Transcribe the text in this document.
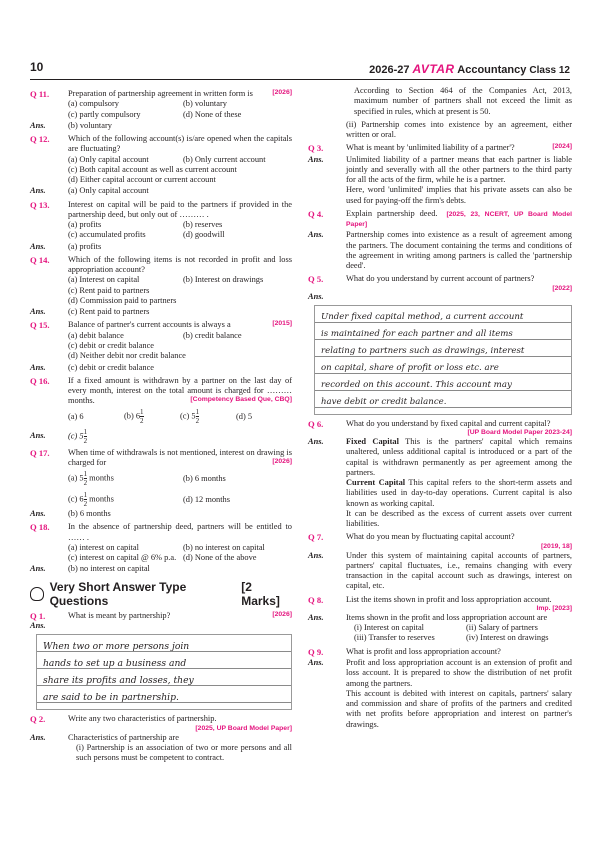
10	2026-27 AVTAR Accountancy Class 12
Q 11.	Preparation of partnership agreement in written form is	[2026]
(a) compulsory	(b) voluntary
(c) partly compulsory	(d) None of these
Ans.	(b) voluntary
Q 12.	Which of the following account(s) is/are opened when the capitals are fluctuating?
(a) Only capital account	(b) Only current account
(c) Both capital account as well as current account
(d) Either capital account or current account
Ans.	(a) Only capital account
Q 13.	Interest on capital will be paid to the partners if provided in the partnership deed, but only out of ……… .
(a) profits	(b) reserves
(c) accumulated profits	(d) goodwill
Ans.	(a) profits
Q 14.	Which of the following items is not recorded in profit and loss appropriation account?
(a) Interest on capital	(b) Interest on drawings
(c) Rent paid to partners
(d) Commission paid to partners
Ans.	(c) Rent paid to partners
Q 15.	Balance of partner's current accounts is always a	[2015]
(a) debit balance	(b) credit balance
(c) debit or credit balance
(d) Neither debit nor credit balance
Ans.	(c) debit or credit balance
Q 16.	If a fixed amount is withdrawn by a partner on the last day of every month, interest on the total amount is charged for ……… months.	[Competency Based Que, CBQ]
(a) 6	(b) $6 \frac{1}{2}$	(c) $5 \frac{1}{2}$	(d) 5
Ans.	(c) $5 \frac{1}{2}$
Q 17.	When time of withdrawals is not mentioned, interest on drawing is charged for	[2026]
(a) $5 \frac{1}{2}$ months	(b) 6 months
(c) $6 \frac{1}{2}$ months	(d) 12 months
Ans.	(b) 6 months
Q 18.	In the absence of partnership deed, partners will be entitled to …… .
(a) interest on capital	(b) no interest on capital
(c) interest on capital @ 6% p.a. (d) None of the above
Ans.	(b) no interest on capital
Very Short Answer Type Questions
[2 Marks]
Q 1.	What is meant by partnership?	[2026]
Ans.
When two or more persons join
hands to set up a business and
share its profits and losses, they
are said to be in partnership.
Q 2.	Write any two characteristics of partnership.

[2025, UP Board Model Paper]
Ans.	Characteristics of partnership are
(i) Partnership is an association of two or more persons and all such persons must be competent to contract.
According to Section 464 of the Companies Act, 2013, maximum number of partners shall not exceed the limit as specified in rules, which at present is 50.
(ii) Partnership comes into existence by an agreement, either written or oral.
Q 3.	What is meant by 'unlimited liability of a partner'?	[2024]
Ans.	Unlimited liability of a partner means that each partner is liable jointly and severally with all the other partners to the third party for all the acts of the firm, while he is a partner.
Here, word 'unlimited' implies that his private assets can also be used for paying-off the firm's debts.
Q 4.	Explain partnership deed. [2025, 23, NCERT, UP Board Model Paper]
Ans.	Partnership comes into existence as a result of agreement among the partners. The document containing the terms and conditions of the agreement in writing among partners is called the 'partnership deed'.
Q 5.	What do you understand by current account of partners?

[2022]
Ans.
Under fixed capital method, a current account
is maintained for each partner and all items
relating to partners such as drawings, interest
on capital, share of profit or loss etc. are
recorded on this account. This account may
have debit or credit balance.
Q 6.	What do you understand by fixed capital and current capital?
[UP Board Model Paper 2023-24]
Ans.	Fixed Capital This is the partners' capital which remains unaltered, unless additional capital is introduced or a part of the capital is withdrawn permanently as per agreement among the partners.
Current Capital This capital refers to the short-term assets and liabilities used in day-to-day operations. Current capital is also known as working capital.
It can be described as the excess of current assets over current liabilities.
Q 7.	What do you mean by fluctuating capital account?

[2019, 18]
Ans.	Under this system of maintaining capital accounts of partners, partners' capital fluctuates, i.e., remains changing with every transaction in the capital account such as drawings, interest on capital, etc.
Q 8.	List the items shown in profit and loss appropriation account.
Imp. [2023]
Ans.	Items shown in the profit and loss appropriation account are
(i) Interest on capital	(ii) Salary of partners
(iii) Transfer to reserves	(iv) Interest on drawings
Q 9.	What is profit and loss appropriation account?
Ans.	Profit and loss appropriation account is an extension of profit and loss account. It is prepared to show the distribution of net profit among the partners.
This account is debited with interest on capitals, partners' salary and commission and share of profits of the partners and credited with net profits before appropriation and interest on partner's drawings.
